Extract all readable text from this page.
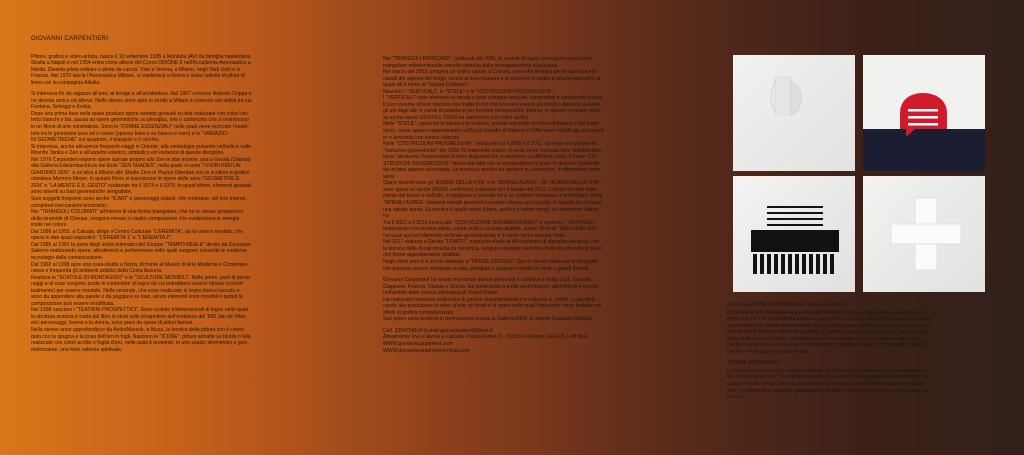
GIOVANNI CARPENTIERI

Pittore, grafico e video-artista, nasce il 10 settembre 1935 a Montella (AV) da famiglia napoletana.
Studia a Napoli e nel 1954 entra come allievo del Corso ORIONE II nell'Accademia Aeronautica a
Nisida. Diventa pilota militare e pilota da caccia. Vive a Verona, a Milano, negli Stati Uniti e in
Francia. Nel 1970 lascia l'Aeronautica Militare, si trasferisce a Roma e inizia l'attività di pilota di
linea con la compagnia Alitalia.

Si interessa fin da ragazzo all'arte, al design e all'architettura. Nel 1957 conosce Roberto Crippa e
ne diventa amico ed allievo. Nello stesso anno apre lo studio a Milano e conosce vari artisti tra cui
Fontana, Scheggi e Kodra.
Dopo una prima fase nella quale produce opere astratte gestuali su tela realizzate con colori sin-
tetici bianchi e blu, passa ad opere geometriche su plexiglas, tele o cartoncino che si inseriscono
in un filone di arte minimalista. Sono le "FORME ESSENZIALI" nelle quali viene ricercato l'equili-
brio tra le geometrie pure ed il colore (spesso bianco su bianco e nero) e le "VARIAZIO-
NI GEOMETRICHE" sul quadrato, il triangolo e il cerchio.
Si interessa, anche attraverso frequenti viaggi in Oriente, alla simbologia presente nell'arte e nelle
filosofie Tantra e Zen e all'aspetto estetico, simbolico ed esoterico di queste discipline.
Nel 1976 Carpentieri espone opere ispirate proprio allo Zen in due mostre: una a Gouda (Olanda)
alla Galleria Edelambachtruis dal titolo "ZEN SHADES", nella quale vi sono "I FIORI PER UN
GIARDINO ZEN", e un'altra a Milano allo Studio Zero in Piazza Oberdan con lo scultore e grafico
olandese Memmo Meyer. In questo filone si inseriscono le opere delle serie "GEOMETRIE E
ZEN" e "LA MENTE E IL GESTO" realizzate tra il 1974 e il 1975. In quest'ultime, elementi gestuali
sono inseriti su basi geometriche serigrafate.
Suoi soggetti frequenti sono anche "ICARI" e personaggi volanti, che mostrano, nel loro interno,
complessi meccanismi tecnicistici.
Nei "TRIANGOLI COLORATI" all'interno di una forma triangolare, che ha le stesse proporzioni
della piramide di Cheope, vengono messe in risalto composizioni che evidenziano le energie
insite nel colore.
Dal 1986 al 1993, a Calcata, dirige il Centro Culturale "L'EREMITA", da lui stesso fondato, che
opera in due spazi espositivi: "L'EREMITA 1" e "L'EREMITA 2".
Dal 1986 al 1991 fa parte degli artisti telematici del Gruppo "TEMPO REALE" diretto da Giuseppe
Salerno realizzando opere, allestimenti e performance nelle quali vengono coinvolte le moderne
tecnologie della comunicazione.
Dal 1992 al 1998 apre una casa-studio a Nizza, di fronte al Museo di Arte Moderna e Contempo-
ranea e frequenta gli ambienti artistici della Costa Azzurra.
Realizza le "SCATOLE DI MONTAGGIO" e le "SCULTURE MOVIBILI". Nelle prime, parti di perso-
naggi e di cose vengono poste in contenitori di legno da cui potrebbero essere riprese (concet-
tualmente) per essere montate. Nelle seconde, che sono realizzate in legno bianco laccato e
sono da appendere alla parete o da poggiare su basi, alcuni elementi sono movibili e quindi la
composizione può essere modificata.
Nel 1998 nascono i "TEATRINI PROSPETTICI". Sono scatole tridimensionali di legno nelle quali
la struttura scenica è tratta dal libro di studi sulle prospettive dell'ondalese del '500 Jan de Vries
ed i personaggi, l'uomo e la donna, sono presi da opere di pittori famosi.
Nello stesso anno approfondisce da AndréMarzuk, a Nizza, la tecnica della pittura con il colore
dato con la spugna e la posa dell'oro in fogli. Nascono le "ICONE", pitture astratte su tavola o tela,
realizzate con colori acrilici e foglia d'oro, nelle quali è presente, in uno spazio simmetrico e geo-
metrizzante, una forte valenza spirituale.

Nei "TRIANGOLI PROFONDI", realizzati dal 2000, le scatole di legno contengono una forma
triangolare tridimensionale astratta ottenuta dalla sovrapposizione di più piani.
Nel marzo del 2003 compera un antico spazio a Calcata, una volta rimessa per la carrozza ed i
cavalli del signore del borgo, lavora al suo recupero e lo converte in studio e spazio espositivo al
quale dà il nome di "Natura Coeleste".
Nascono i "VERTICALI", le "STELE" e le "COSTRUZIONI PROGRESSIVE".
I "VERTICALI" sono elementi su tavola a forte sviluppo verticale, componibili e variamente colora-
ti (con inserite strisce ottenute con foglia d'oro) che possono essere accostati a distanze variabili
gli uni dagli altri e variati di posizione per formare composizioni diverse. In questo contesto realiz-
za anche opere 100X70 e 70X50 su cartoncino con colori acrilici.
Nelle "STELE", opere tra la pittura e la scultura, prende a prestito la forma dell'uomo e del mani-
chino, come appare rappresentato nell'Encyclopedie di Diderot e D'Alembert modificata al comput-
er e arricchita con strisce colorate.
Nelle "COSTRUZIONI PROGRESSIVE", realizzate tra il 2008 e il 2011, riprende e trasforma le
"Variazioni geometriche" del 1969-70 inserendo colore. In esse viene ricercata una "stabilità dina-
mica" attraverso l'inserimento di linee diagonali che si muovono su differenti piani. Il nome "CO-
STRUZIONI PROGRESSIVE" deriva dal fatto che la composizione si crea "in divenire" partendo
da un'idea appena accennata. La tecnica è acrilico su tavola o su cartoncino, le dimensioni sono
varie.
Opere recenti sono gli "ALBERI DELLA VITA" e le "SPIRALI AUREE". Gli "ALBERI DELLA VITA"
sono opere su tavola (40X30 centimetri) realizzate per il Natale del 2012. L'albero prende nutri-
mento dal basso e dall'alto, è rigoglioso e colorato ed è un simbolo universale e archetipico. Nelle
"SPIRALI AUREE" elementi astratti geometrici ruotano intorno ad un punto di nascita da cui parte
una spirale aurea. La tecnica è quella mista (china, acrilico e colore spray) su cartoncino Fabria-
no.
Tra il 2012 e il 2016 lavora alle "COSTRUZIONI TRIDIMENSIONALI" e riprende i "VERTICALI"
realizzando con tecnica mista, colore acrilico su base digitale, anche Verticali "Alberi della vita",
nei quali spicca l'elemento verticale geometrizzato e il colore come energia vitale.
Nel 2017 realizza a Deruta "I PIATTI", maioliche d'arte di 40 centimetri di diametro nei quali, con
la tecnica della decalcomania su ceramica, vengono riportate sia forme tratte da precedenti lavori
che forme appositamente studiate.
Negli ultimi anni si è anche dedicato a "OPERE DIGITALI". Opere virtuali realizzate al computer
che possono essere stampate su tela, plexiglas o supporti metallici in medi o grandi formati.

Giovanni Carpentieri ha tenuto numerose mostre personali e collettive il Italia, USA, Canada,
Giappone, Francia, Olanda e Grecia. Ha partecipato a molte performance, allestimenti e mostre
nell'ambito della ricerca telematica di Tempo Reale.
Ha realizzato numerosi audiovisivi di genere documentaristico e culturale e, inoltre, si sta dedi-
cando alla produzione di video d'arte, di ritratti e di opere nelle quali l'immagine viene trattata con
effetti di grafica computerizzata.
Sue opere sono presenti in permanenza presso la Galleria REM di Jabeek (Limburg-Olanda).

Cell. 3394754104 E-mail giocarpentieri@libero.it
Attualmente vive e lavora a Calcata, Piazza Roma, 3 - 01030 e a Roma, Via G.B. Lulli 58 A
WWW.giovannicarpentieri.com
WWW.giovannicarpentieriverticali.com

INSTALLAZIONE MULTIMEDIALE "Icaro non muore"

L'installazione multimediale è un omaggio a Roberto Crippa, importante artista milanese
morto nel 1972 in un incidente aereo sull'aeroporto di Bresso (Milano) mentre si preparava
a partecipare al campionato mondiale di acrobazia aerea. Nell'inizio del video compaiono i
due elementi fondamentali della tragedia: il labirinto e il sole, nella seconda parte le spirali
tratte dalle opere di Crippa, probabilmente simili a quelle che il suo aereo ha percorso
mentre si avvicinava al suo sole. L'installazione è anche dedicata al ricordo dei tanti amici
che per il volo hanno perduto la vita.

"FORME ESSENZIALI"

Le Forme Essenziali sono opere realizzate da Giovanni Carpentieri tra la fine degli anni
'60 e l'inizio degli anni '70 a Milano quando in quella città frequentava lo studio di Roberto
Crippa e di altri artisti milanesi. Sono opere su plexiglas, materiale tecnologico in quegli
anni. Le forme sono semplici, geometriche, definite. I colori monocromi, spesso bianco su
bianco.
